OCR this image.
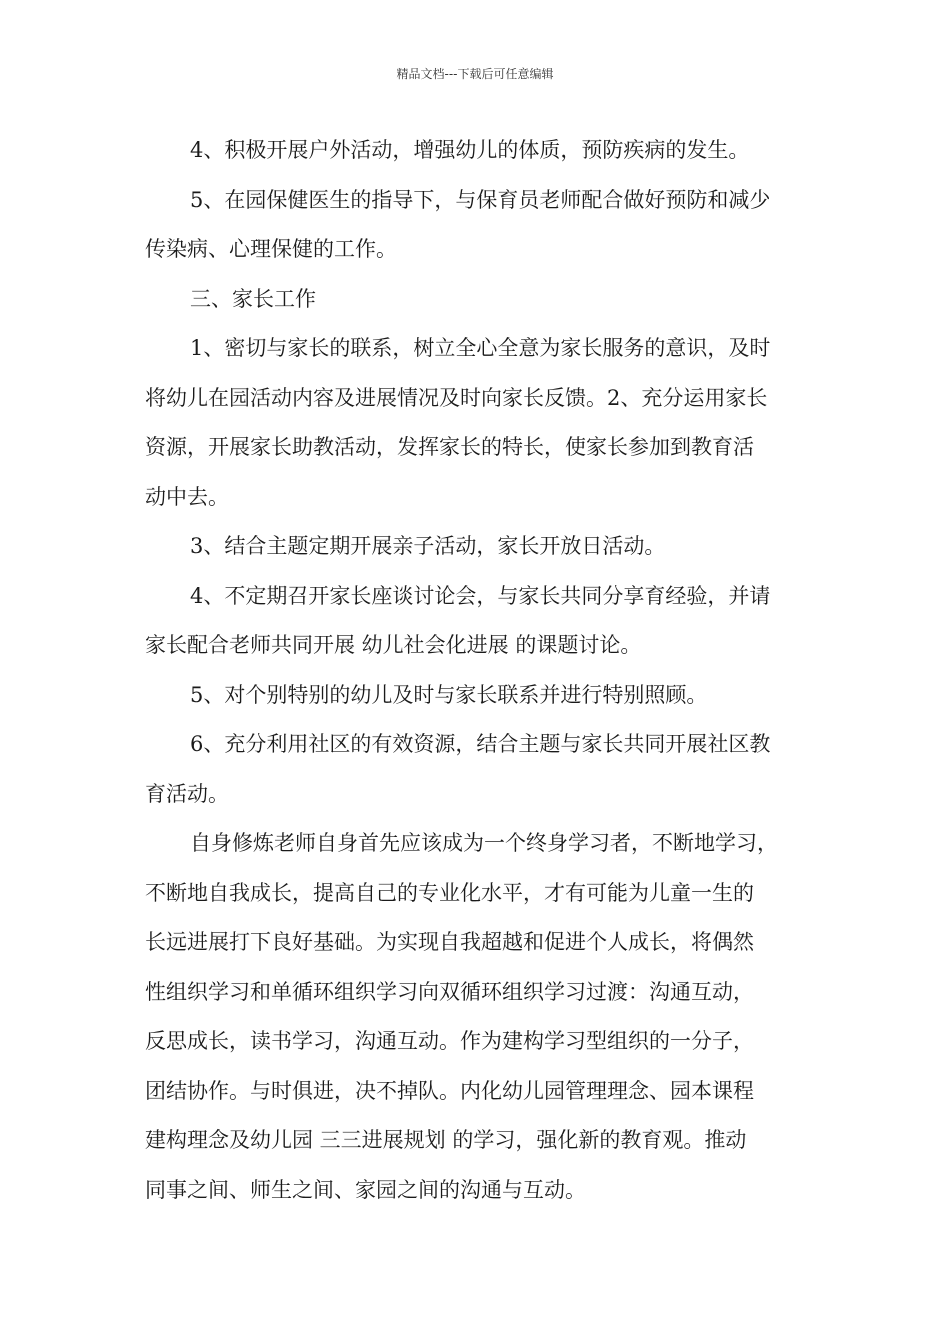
精品文档---下载后可任意编辑
4、积极开展户外活动，增强幼儿的体质，预防疾病的发生。
5、在园保健医生的指导下，与保育员老师配合做好预防和减少
传染病、心理保健的工作。
三、家长工作
1、密切与家长的联系，树立全心全意为家长服务的意识，及时
将幼儿在园活动内容及进展情况及时向家长反馈。2、充分运用家长
资源，开展家长助教活动，发挥家长的特长，使家长参加到教育活
动中去。
3、结合主题定期开展亲子活动，家长开放日活动。
4、不定期召开家长座谈讨论会，与家长共同分享育经验，并请
家长配合老师共同开展 幼儿社会化进展 的课题讨论。
5、对个别特别的幼儿及时与家长联系并进行特别照顾。
6、充分利用社区的有效资源，结合主题与家长共同开展社区教
育活动。
自身修炼老师自身首先应该成为一个终身学习者，不断地学习，
不断地自我成长，提高自己的专业化水平，才有可能为儿童一生的
长远进展打下良好基础。为实现自我超越和促进个人成长，将偶然
性组织学习和单循环组织学习向双循环组织学习过渡：沟通互动，
反思成长，读书学习，沟通互动。作为建构学习型组织的一分子，
团结协作。与时俱进，决不掉队。内化幼儿园管理理念、园本课程
建构理念及幼儿园 三三进展规划 的学习，强化新的教育观。推动
同事之间、师生之间、家园之间的沟通与互动。
